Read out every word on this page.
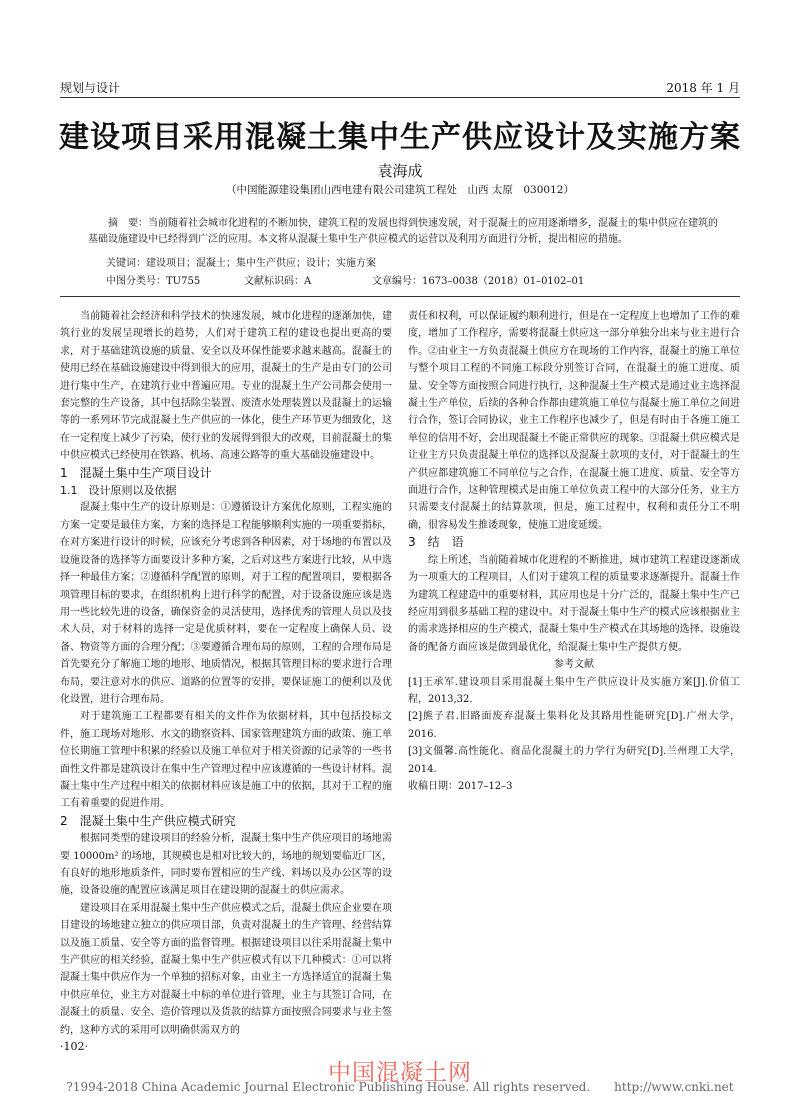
规划与设计	2018 年 1 月
建设项目采用混凝土集中生产供应设计及实施方案
袁海成
（中国能源建设集团山西电建有限公司建筑工程处　山西 太原　030012）
摘　要：当前随着社会城市化进程的不断加快，建筑工程的发展也得到快速发展，对于混凝土的应用逐渐增多，混凝土的集中供应在建筑的基础设施建设中已经得到广泛的应用。本文将从混凝土集中生产供应模式的运营以及利用方面进行分析，提出相应的措施。
关键词：建设项目；混凝土；集中生产供应；设计；实施方案
中图分类号：TU755	文献标识码：A	文章编号：1673–0038（2018）01–0102–01

当前随着社会经济和科学技术的快速发展，城市化进程的逐渐加快，建筑行业的发展呈现增长的趋势，人们对于建筑工程的建设也提出更高的要求，对于基础建筑设施的质量、安全以及环保性能要求越来越高。混凝土的使用已经在基础设施建设中得到很大的应用，混凝土的生产是由专门的公司进行集中生产，在建筑行业中普遍应用。专业的混凝土生产公司都会使用一套完整的生产设备，其中包括除尘装置、废渣水处理装置以及混凝土的运输等的一系列环节完成混凝土生产供应的一体化，使生产环节更为细致化，这在一定程度上减少了污染，使行业的发展得到很大的改观，目前混凝土的集中供应模式已经使用在铁路、机场、高速公路等的重大基础设施建设中。

1　混凝土集中生产项目设计

1.1　设计原则以及依据

混凝土集中生产的设计原则是：①遵循设计方案优化原则，工程实施的方案一定要是最佳方案，方案的选择是工程能够顺利实施的一项重要指标，在对方案进行设计的时候，应该充分考虑到各种因素，对于场地的布置以及设施设备的选择等方面要设计多种方案，之后对这些方案进行比较，从中选择一种最佳方案；②遵循科学配置的原则，对于工程的配置项目，要根据各项管理目标的要求，在组织机构上进行科学的配置，对于设备设施应该是选用一些比较先进的设备，确保资金的灵活使用，选择优秀的管理人员以及技术人员，对于材料的选择一定是优质材料，要在一定程度上确保人员、设备、物资等方面的合理分配；③要遵循合理布局的原则，工程的合理布局是首先要充分了解施工地的地形、地质情况，根据其管理目标的要求进行合理布局，要注意对水的供应、道路的位置等的安排，要保证施工的便利以及优化设置，进行合理布局。

对于建筑施工工程都要有相关的文件作为依据材料，其中包括投标文件，施工现场对地形、水文的勘察资料、国家管理建筑方面的政策、施工单位长期施工管理中积累的经验以及施工单位对于相关资源的记录等的一些书面性文件都是建筑设计在集中生产管理过程中应该遵循的一些设计材料。混凝土集中生产过程中相关的依据材料应该是施工中的依据，其对于工程的施工有着重要的促进作用。

2　混凝土集中生产供应模式研究

根据同类型的建设项目的经验分析，混凝土集中生产供应项目的场地需要 10000m² 的场地，其规模也是相对比较大的，场地的规划要临近厂区，有良好的地形地质条件，同时要布置相应的生产线、料场以及办公区等的设施，设备设施的配置应该满足项目在建设期的混凝土的供应需求。

建设项目在采用混凝土集中生产供应模式之后，混凝土供应企业要在项目建设的场地建立独立的供应项目部，负责对混凝土的生产管理、经营结算以及施工质量、安全等方面的监督管理。根据建设项目以往采用混凝土集中生产供应的相关经验，混凝土集中生产供应模式有以下几种模式：①可以将混凝土集中供应作为一个单独的招标对象，由业主一方选择适宜的混凝土集中供应单位，业主方对混凝土中标的单位进行管理，业主与其签订合同，在混凝土的质量、安全、造价管理以及货款的结算方面按照合同要求与业主签约，这种方式的采用可以明确供需双方的

责任和权利，可以保证履约顺利进行，但是在一定程度上也增加了工作的难度，增加了工作程序，需要将混凝土供应这一部分单独分出来与业主进行合作。②由业主一方负责混凝土供应方在现场的工作内容，混凝土的施工单位与整个项目工程的不同施工标段分别签订合同，在混凝土的施工进度、质量、安全等方面按照合同进行执行，这种混凝土生产模式是通过业主选择混凝土生产单位，后续的各种合作都由建筑施工单位与混凝土施工单位之间进行合作，签订合同协议，业主工作程序也减少了，但是有时由于各施工施工单位的信用不好，会出现混凝土不能正常供应的现象。③混凝土供应模式是让业主方只负责混凝土单位的选择以及混凝土款项的支付，对于混凝土的生产供应都建筑施工不同单位与之合作，在混凝土施工进度、质量、安全等方面进行合作，这种管理模式是由施工单位负责工程中的大部分任务，业主方只需要支付混凝土的结算款项，但是，施工过程中，权利和责任分工不明确，很容易发生推诿现象，使施工进度延缓。

3　结　语

综上所述，当前随着城市化进程的不断推进，城市建筑工程建设逐渐成为一项重大的工程项目，人们对于建筑工程的质量要求逐渐提升。混凝土作为建筑工程建造中的重要材料，其应用也是十分广泛的，混凝土集中生产已经应用到很多基础工程的建设中。对于混凝土集中生产的模式应该根据业主的需求选择相应的生产模式，混凝土集中生产模式在其场地的选择、设施设备的配备方面应该是做到最优化，给混凝土集中生产提供方便。

参考文献

[1]王承军.建设项目采用混凝土集中生产供应设计及实施方案[J].价值工程，2013,32.

[2]熊子君.旧路面废弃混凝土集料化及其路用性能研究[D].广州大学，2016.

[3]文僵馨.高性能化、商品化混凝土的力学行为研究[D].兰州理工大学，2014.

收稿日期：2017–12–3

·102·
中国混凝土网
?1994-2018 China Academic Journal Electronic Publishing House. All rights reserved.　　http://www.cnki.net
